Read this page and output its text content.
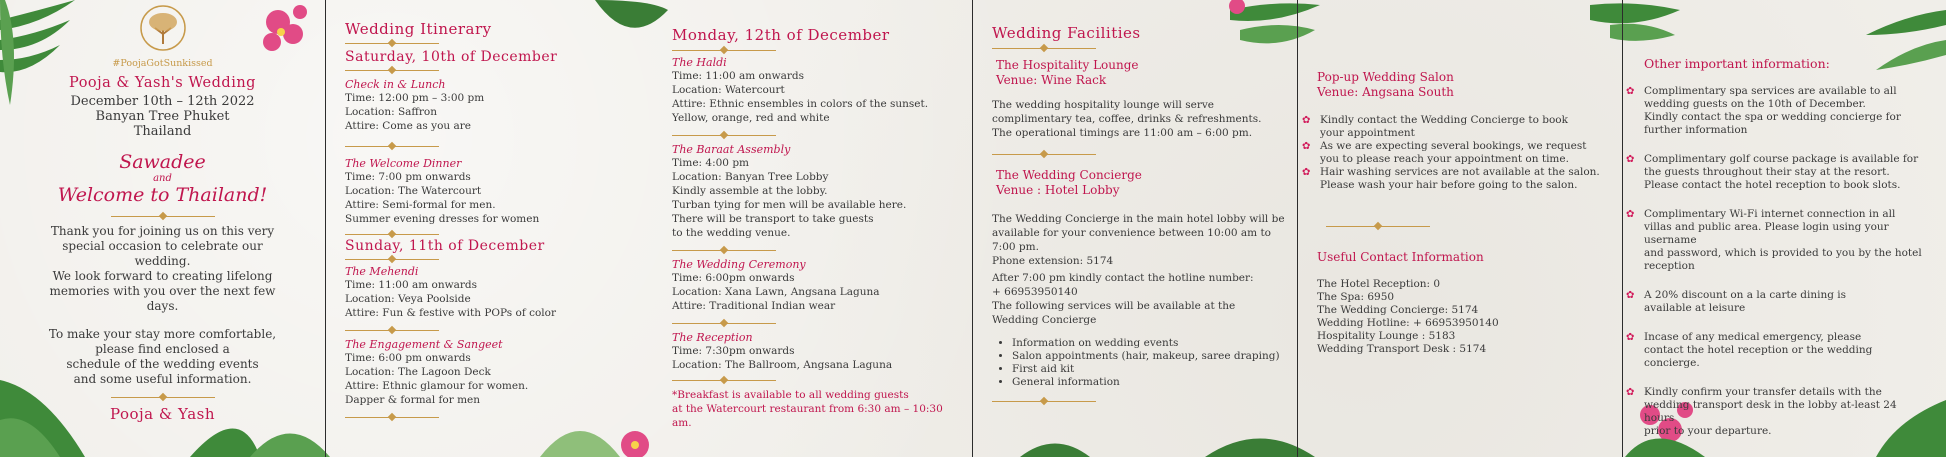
#PoojaGotSunkissed
Pooja & Yash's Wedding
December 10th – 12th 2022
Banyan Tree Phuket
Thailand
Sawadee
and
Welcome to Thailand!
Thank you for joining us on this very
special occasion to celebrate our wedding.
We look forward to creating lifelong
memories with you over the next few days.
To make your stay more comfortable,
please find enclosed a
schedule of the wedding events
and some useful information.
Pooja & Yash
Wedding Itinerary
Saturday, 10th of December
Check in & Lunch
Time: 12:00 pm – 3:00 pm
Location: Saffron
Attire: Come as you are
The Welcome Dinner
Time: 7:00 pm onwards
Location: The Watercourt
Attire: Semi-formal for men.
Summer evening dresses for women
Sunday, 11th of December
The Mehendi
Time: 11:00 am onwards
Location: Veya Poolside
Attire: Fun & festive with POPs of color
The Engagement & Sangeet
Time: 6:00 pm onwards
Location: The Lagoon Deck
Attire: Ethnic glamour for women.
Dapper & formal for men
Monday, 12th of December
The Haldi
Time: 11:00 am onwards
Location: Watercourt
Attire: Ethnic ensembles in colors of the sunset.
Yellow, orange, red and white
The Baraat Assembly
Time: 4:00 pm
Location: Banyan Tree Lobby
Kindly assemble at the lobby.
Turban tying for men will be available here.
There will be transport to take guests
to the wedding venue.
The Wedding Ceremony
Time: 6:00pm onwards
Location: Xana Lawn, Angsana Laguna
Attire: Traditional Indian wear
The Reception
Time: 7:30pm onwards
Location: The Ballroom, Angsana Laguna
*Breakfast is available to all wedding guests
at the Watercourt restaurant from 6:30 am – 10:30 am.
Wedding Facilities
The Hospitality Lounge
Venue: Wine Rack
The wedding hospitality lounge will serve
complimentary tea, coffee, drinks & refreshments.
The operational timings are 11:00 am – 6:00 pm.
The Wedding Concierge
Venue : Hotel Lobby
The Wedding Concierge in the main hotel lobby will be
available for your convenience between 10:00 am to 7:00 pm.
Phone extension: 5174
After 7:00 pm kindly contact the hotline number:
+ 66953950140
The following services will be available at the
Wedding Concierge
• Information on wedding events
• Salon appointments (hair, makeup, saree draping)
• First aid kit
• General information
Pop-up Wedding Salon
Venue: Angsana South
✿ Kindly contact the Wedding Concierge to book
your appointment
✿ As we are expecting several bookings, we request
you to please reach your appointment on time.
✿ Hair washing services are not available at the salon.
Please wash your hair before going to the salon.
Useful Contact Information
The Hotel Reception: 0
The Spa: 6950
The Wedding Concierge: 5174
Wedding Hotline: + 66953950140
Hospitality Lounge : 5183
Wedding Transport Desk : 5174
Other important information:
✿ Complimentary spa services are available to all
wedding guests on the 10th of December.
Kindly contact the spa or wedding concierge for
further information
✿ Complimentary golf course package is available for
the guests throughout their stay at the resort.
Please contact the hotel reception to book slots.
✿ Complimentary Wi-Fi internet connection in all
villas and public area. Please login using your username
and password, which is provided to you by the hotel
reception
✿ A 20% discount on a la carte dining is
available at leisure
✿ Incase of any medical emergency, please
contact the hotel reception or the wedding concierge.
✿ Kindly confirm your transfer details with the
wedding transport desk in the lobby at-least 24 hours
prior to your departure.
